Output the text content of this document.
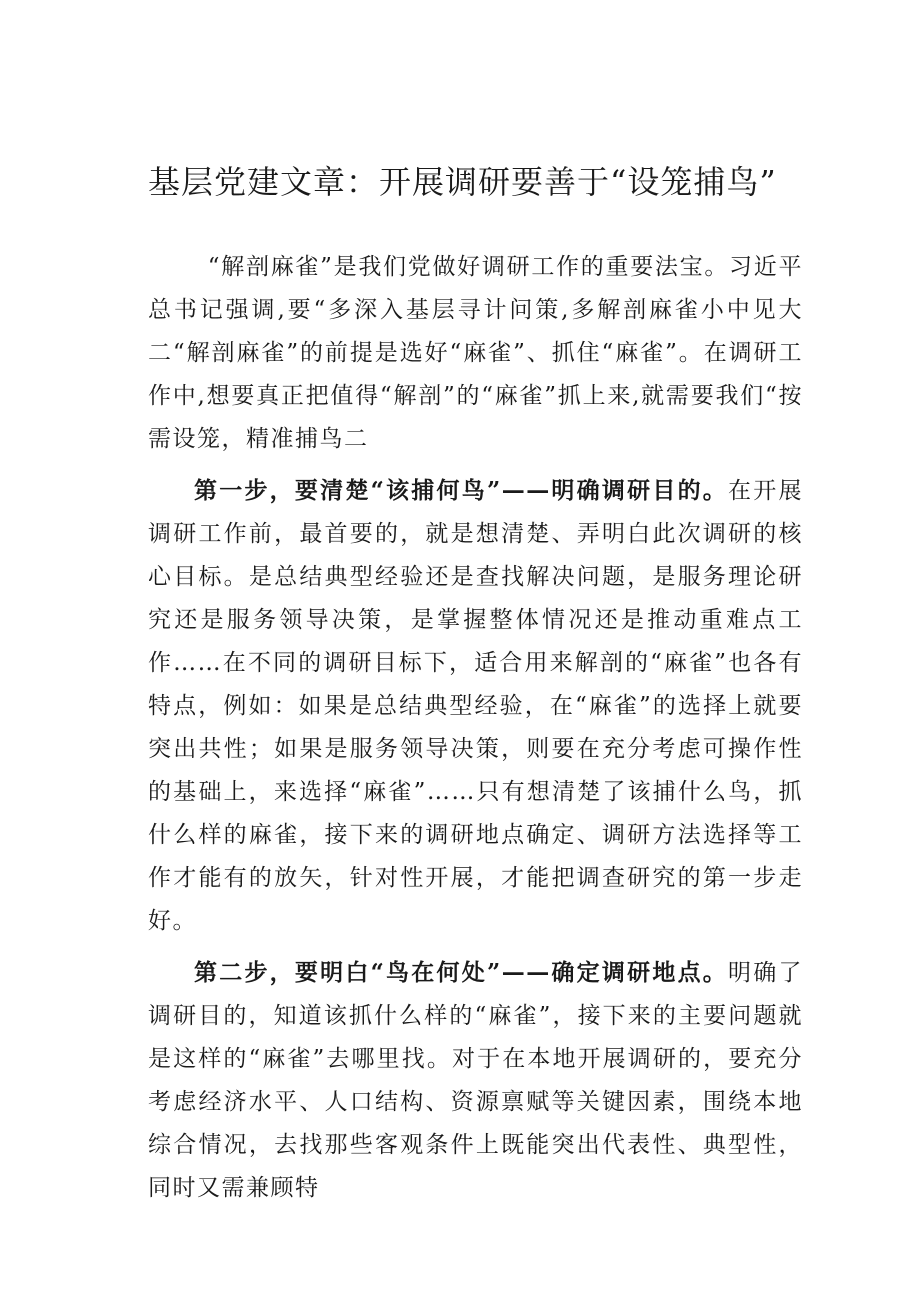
基层党建文章：开展调研要善于“设笼捕鸟”

“解剖麻雀”是我们党做好调研工作的重要法宝。习近平总书记强调,要“多深入基层寻计问策,多解剖麻雀小中见大二“解剖麻雀”的前提是选好“麻雀”、抓住“麻雀”。在调研工作中,想要真正把值得“解剖”的“麻雀”抓上来,就需要我们“按需设笼，精准捕鸟二

第一步，要清楚“该捕何鸟”——明确调研目的。在开展调研工作前，最首要的，就是想清楚、弄明白此次调研的核心目标。是总结典型经验还是查找解决问题，是服务理论研究还是服务领导决策，是掌握整体情况还是推动重难点工作……在不同的调研目标下，适合用来解剖的“麻雀”也各有特点，例如：如果是总结典型经验，在“麻雀”的选择上就要突出共性；如果是服务领导决策，则要在充分考虑可操作性的基础上，来选择“麻雀”……只有想清楚了该捕什么鸟，抓什么样的麻雀，接下来的调研地点确定、调研方法选择等工作才能有的放矢，针对性开展，才能把调查研究的第一步走好。

第二步，要明白“鸟在何处”——确定调研地点。明确了调研目的，知道该抓什么样的“麻雀”，接下来的主要问题就是这样的“麻雀”去哪里找。对于在本地开展调研的，要充分考虑经济水平、人口结构、资源禀赋等关键因素，围绕本地综合情况，去找那些客观条件上既能突出代表性、典型性，同时又需兼顾特
